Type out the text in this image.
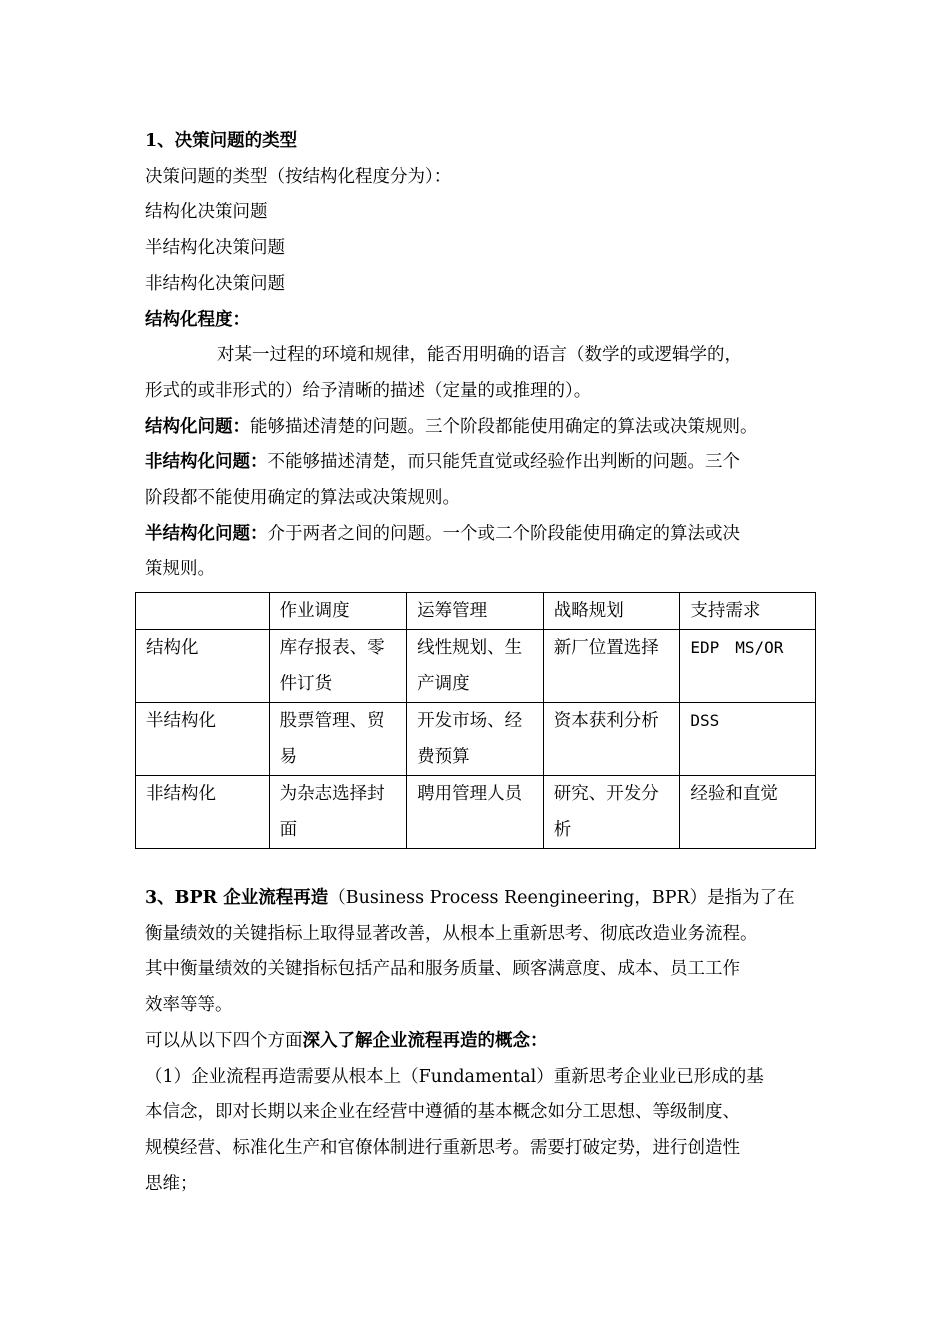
1、决策问题的类型
决策问题的类型（按结构化程度分为）：
结构化决策问题
半结构化决策问题
非结构化决策问题
结构化程度：
对某一过程的环境和规律，能否用明确的语言（数学的或逻辑学的，
形式的或非形式的）给予清晰的描述（定量的或推理的）。
结构化问题：能够描述清楚的问题。三个阶段都能使用确定的算法或决策规则。
非结构化问题：不能够描述清楚，而只能凭直觉或经验作出判断的问题。三个
阶段都不能使用确定的算法或决策规则。
半结构化问题：介于两者之间的问题。一个或二个阶段能使用确定的算法或决
策规则。
	作业调度	运筹管理	战略规划	支持需求
结构化	库存报表、零件订货	线性规划、生产调度	新厂位置选择	EDP　MS/OR
半结构化	股票管理、贸易	开发市场、经费预算	资本获利分析	DSS
非结构化	为杂志选择封面	聘用管理人员	研究、开发分析	经验和直觉
3、BPR 企业流程再造（Business Process Reengineering，BPR）是指为了在
衡量绩效的关键指标上取得显著改善，从根本上重新思考、彻底改造业务流程。
其中衡量绩效的关键指标包括产品和服务质量、顾客满意度、成本、员工工作
效率等等。
可以从以下四个方面深入了解企业流程再造的概念：
（1）企业流程再造需要从根本上（Fundamental）重新思考企业业已形成的基
本信念，即对长期以来企业在经营中遵循的基本概念如分工思想、等级制度、
规模经营、标准化生产和官僚体制进行重新思考。需要打破定势，进行创造性
思维；
